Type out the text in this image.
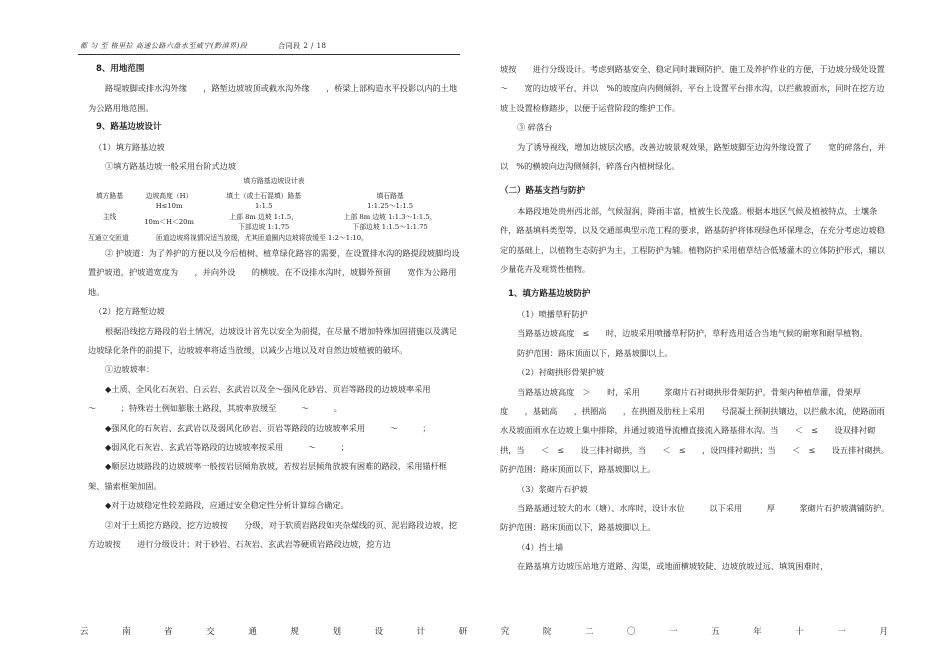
都 匀 至 格里拉 高速公路六盘水至威宁(黔滇界)段	合同段 2 / 18

8、用地范围

路堤坡脚或排水沟外缘　　，路堑边坡坡顶或截水沟外缘　　，桥梁上部构造水平投影以内的土地为公路用地范围。

9、路基边坡设计

（1）填方路基边坡

①填方路基边坡一般采用台阶式边坡

填方路基边坡设计表			
填方路基	边坡高度（H）	填土（或土石混填）路基	填石路基
主线	H≤10m	1:1.5	1:1.25～1:1.5
	10m＜H＜20m	上部 8m 边坡 1:1.5，	上部 8m 边坡 1:1.3～1:1.5，
		下部边坡 1:1.75	下部边坡 1:1.5～1:1.75

互通立交匝道　　　　匝道边坡将视情况适当放缓，尤其匝道圈内边坡将放缓至 1:2～1:10。

② 护坡道：为了养护的方便以及今后植树、植草绿化路容的需要，在设置排水沟的路提段坡脚均设置护坡道，护坡道宽度为　　，并向外设　　的横坡。在不设排水沟时，坡脚外预留　　宽作为公路用地。

（2）挖方路堑边坡

根据沿线挖方路段的岩土情况，边坡设计首先以安全为前提，在尽量不增加特殊加固措施以及满足边坡绿化条件的前提下，边坡坡率将适当放缓，以减少占地以及对自然边坡植被的破坏。

①边坡坡率：

◆土质、全风化石灰岩、白云岩、玄武岩以及全～强风化砂岩、页岩等路段的边坡坡率采用　　　～　　　；特殊岩土例如膨胀土路段，其坡率放缓至　　　～　　　。

◆强风化的石灰岩、玄武岩以及弱风化砂岩、页岩等路段的边坡坡率采用　　　～　　　；

◆弱风化石灰岩、玄武岩等路段的边坡坡率按采用　　　～　　　；

◆顺层边坡路段的边坡坡率一般按岩层倾角放坡，若按岩层倾角放坡有困难的路段，采用锚杆框架、锚索框架加固。

◆对于边坡稳定性较差路段，应通过安全稳定性分析计算综合确定。

②对于土质挖方路段，挖方边坡按　　分级，对于软质岩路段如夹杂煤线的页、泥岩路段边坡，挖方边坡按　　进行分级设计；对于砂岩、石灰岩、玄武岩等硬质岩路段边坡，挖方边

坡按　　进行分级设计。考虑到路基安全、稳定同时兼顾防护、施工及养护作业的方便，于边坡分级处设置　　～　　宽的边坡平台，并以　%的坡度向内侧倾斜，平台上设置平台排水沟，以拦截坡面水，同时在挖方边坡上设置检修踏步，以便于运营阶段的维护工作。

③ 碎落台

为了诱导视线，增加边坡层次感，改善边坡景观效果，路堑坡脚至边沟外缘设置了　　宽的碎落台，并以　%的横坡向边沟侧倾斜，碎落台内植树绿化。

（二）路基支挡与防护

本路段地处贵州西北部，气候湿润，降雨丰富，植被生长茂盛。根据本地区气候及植被特点，土壤条件，路基填料类型等，以及交通部典型示范工程的要求，路基防护将体现绿色环保理念，在充分考虑边坡稳定的基础上，以植物生态防护为主，工程防护为辅。植物防护采用植草结合低矮灌木的立体防护形式，辅以少量花卉及观赏性植物。

1、填方路基边坡防护

（1）喷播草籽防护

当路基边坡高度　≤　　时，边坡采用喷播草籽防护，草籽选用适合当地气候的耐寒和耐旱植物。

防护范围：路床顶面以下，路基坡脚以上。

（2）衬砌拱形骨架护坡

当路基边坡高度　＞　　时，采用　　　浆砌片石衬砌拱形骨架防护，骨架内种植草灌，骨架厚度　　，基础高　　，拱圈高　　，在拱圈及肋柱上采用　　号混凝土预制扶镶边，以拦截水流，使路面雨水及坡面雨水在边坡上集中排除，并通过坡道导流槽直接流入路基排水沟。当　　＜　≤　　设双排衬砌拱，当　　＜　≤　　设三排衬砌拱，当　　＜　≤　　，设四排衬砌拱；当　　＜　≤　　设五排衬砌拱。防护范围：路床顶面以下，路基坡脚以上。

（3）浆砌片石护坡

当路基通过较大的水（塘）、水库时，设计水位　　　以下采用　　　厚　　　浆砌片石护坡满铺防护。防护范围：路床顶面以下，路基坡脚以上。

（4）挡土墙

在路基填方边坡压站地方道路、沟渠，或地面横坡较陡、边坡放坡过远、填筑困难时，

云	南	省	交	通	规	划	设	计	研	究	院	二	〇	一	五	年	十	一	月
